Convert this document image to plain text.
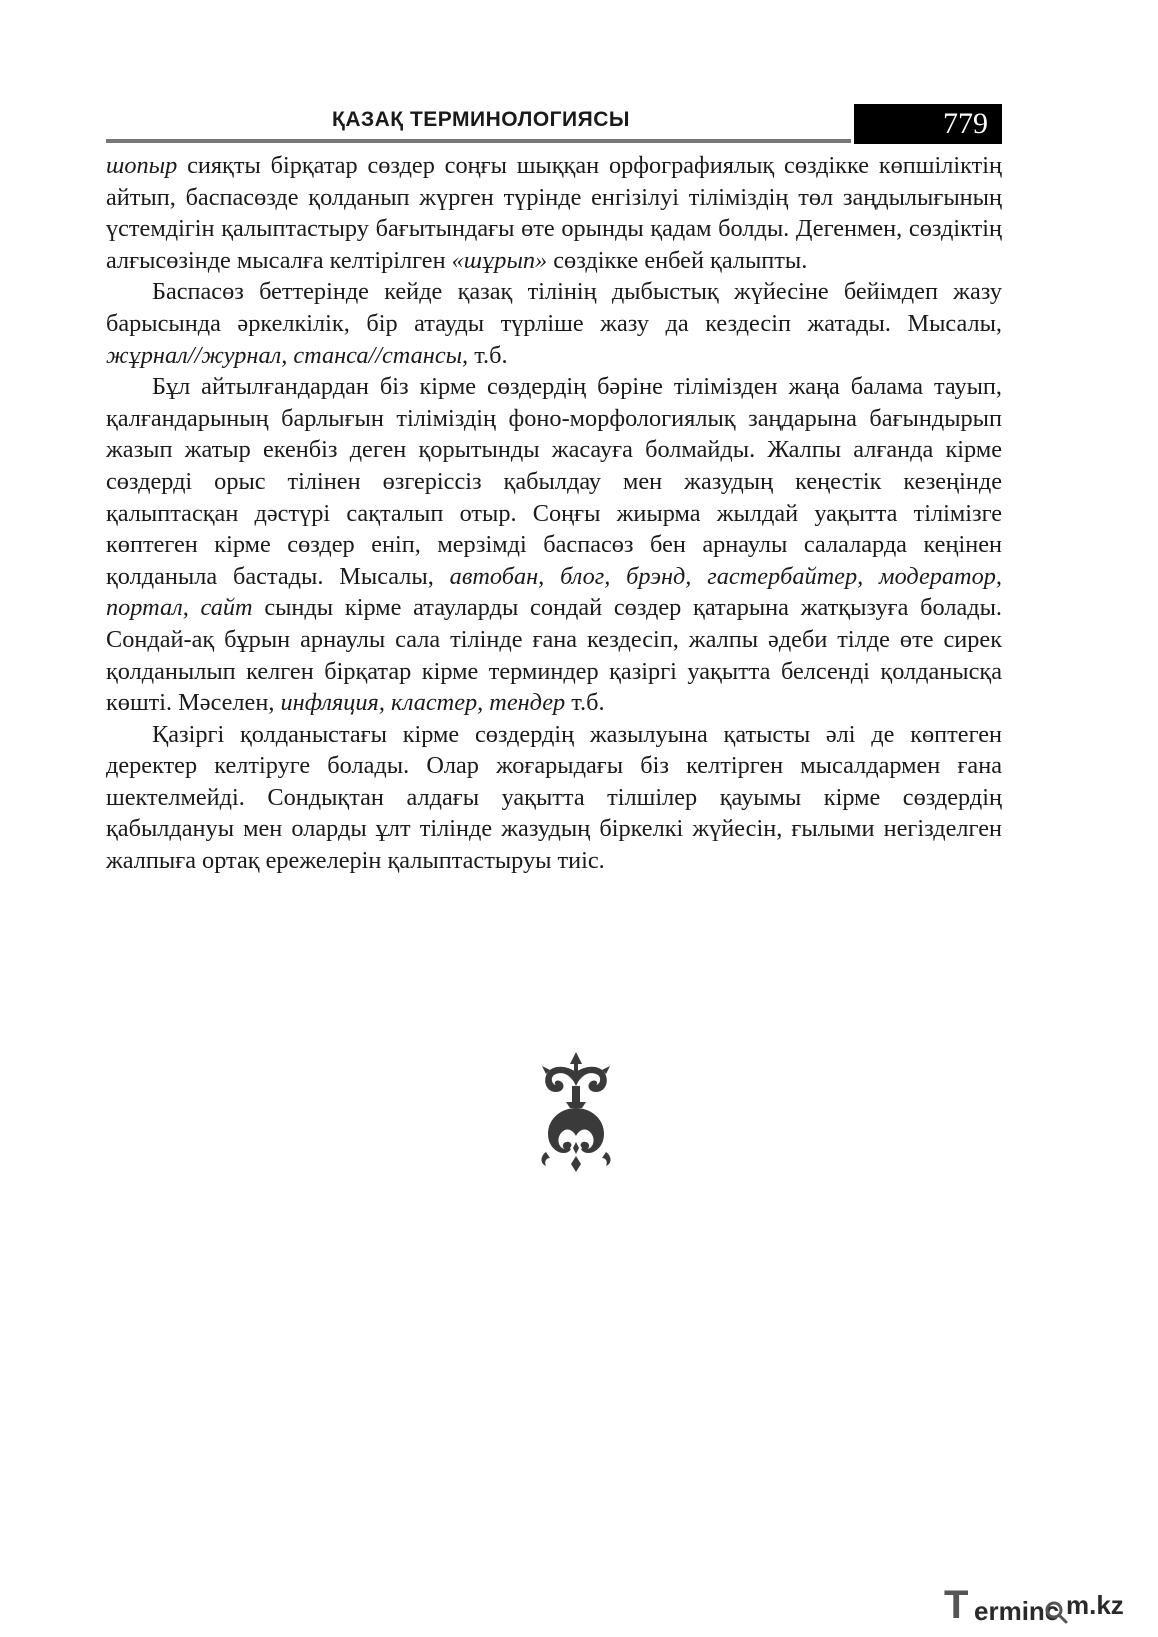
ҚАЗАҚ ТЕРМИНОЛОГИЯСЫ	779

шопыр сияқты бірқатар сөздер соңғы шыққан орфографиялық сөздікке көпшіліктің айтып, баспасөзде қолданып жүрген түрінде енгізілуі тіліміздің төл заңдылығының үстемдігін қалыптастыру бағытындағы өте орынды қадам болды. Дегенмен, сөздіктің алғысөзінде мысалға келтірілген «шұрып» сөздікке енбей қалыпты.

Баспасөз беттерінде кейде қазақ тілінің дыбыстық жүйесіне бейімдеп жазу барысында әркелкілік, бір атауды түрліше жазу да кездесіп жатады. Мысалы, жұрнал//журнал, станса//стансы, т.б.

Бұл айтылғандардан біз кірме сөздердің бәріне тілімізден жаңа балама тауып, қалғандарының барлығын тіліміздің фоно-морфологиялық заңдарына бағындырып жазып жатыр екенбіз деген қорытынды жасауға болмайды. Жалпы алғанда кірме сөздерді орыс тілінен өзгеріссіз қабылдау мен жазудың кеңестік кезеңінде қалыптасқан дәстүрі сақталып отыр. Соңғы жиырма жылдай уақытта тілімізге көптеген кірме сөздер еніп, мерзімді баспасөз бен арнаулы салаларда кеңінен қолданыла бастады. Мысалы, автобан, блог, брэнд, гастербайтер, модератор, портал, сайт сынды кірме атауларды сондай сөздер қатарына жатқызуға болады. Сондай-ақ бұрын арнаулы сала тілінде ғана кездесіп, жалпы әдеби тілде өте сирек қолданылып келген бірқатар кірме терминдер қазіргі уақытта белсенді қолданысқа көшті. Мәселен, инфляция, кластер, тендер т.б.

Қазіргі қолданыстағы кірме сөздердің жазылуына қатысты әлі де көптеген деректер келтіруге болады. Олар жоғарыдағы біз келтірген мысалдармен ғана шектелмейді. Сондықтан алдағы уақытта тілшілер қауымы кірме сөздердің қабылдануы мен оларды ұлт тілінде жазудың біркелкі жүйесін, ғылыми негізделген жалпыға ортақ ережелерін қалыптастыруы тиіс.

T erminc m.kz
